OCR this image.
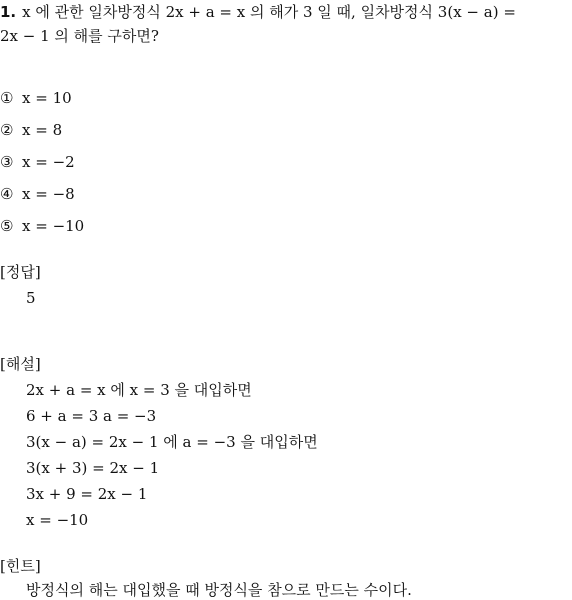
1. x 에 관한 일차방정식 2x + a = x 의 해가 3 일 때, 일차방정식 3(x − a) =
2x − 1 의 해를 구하면?
① x = 10
② x = 8
③ x = −2
④ x = −8
⑤ x = −10
[정답]
5
[해설]
2x + a = x 에 x = 3 을 대입하면
6 + a = 3 a = −3
3(x − a) = 2x − 1 에 a = −3 을 대입하면
3(x + 3) = 2x − 1
3x + 9 = 2x − 1
x = −10
[힌트]
방정식의 해는 대입했을 때 방정식을 참으로 만드는 수이다.
